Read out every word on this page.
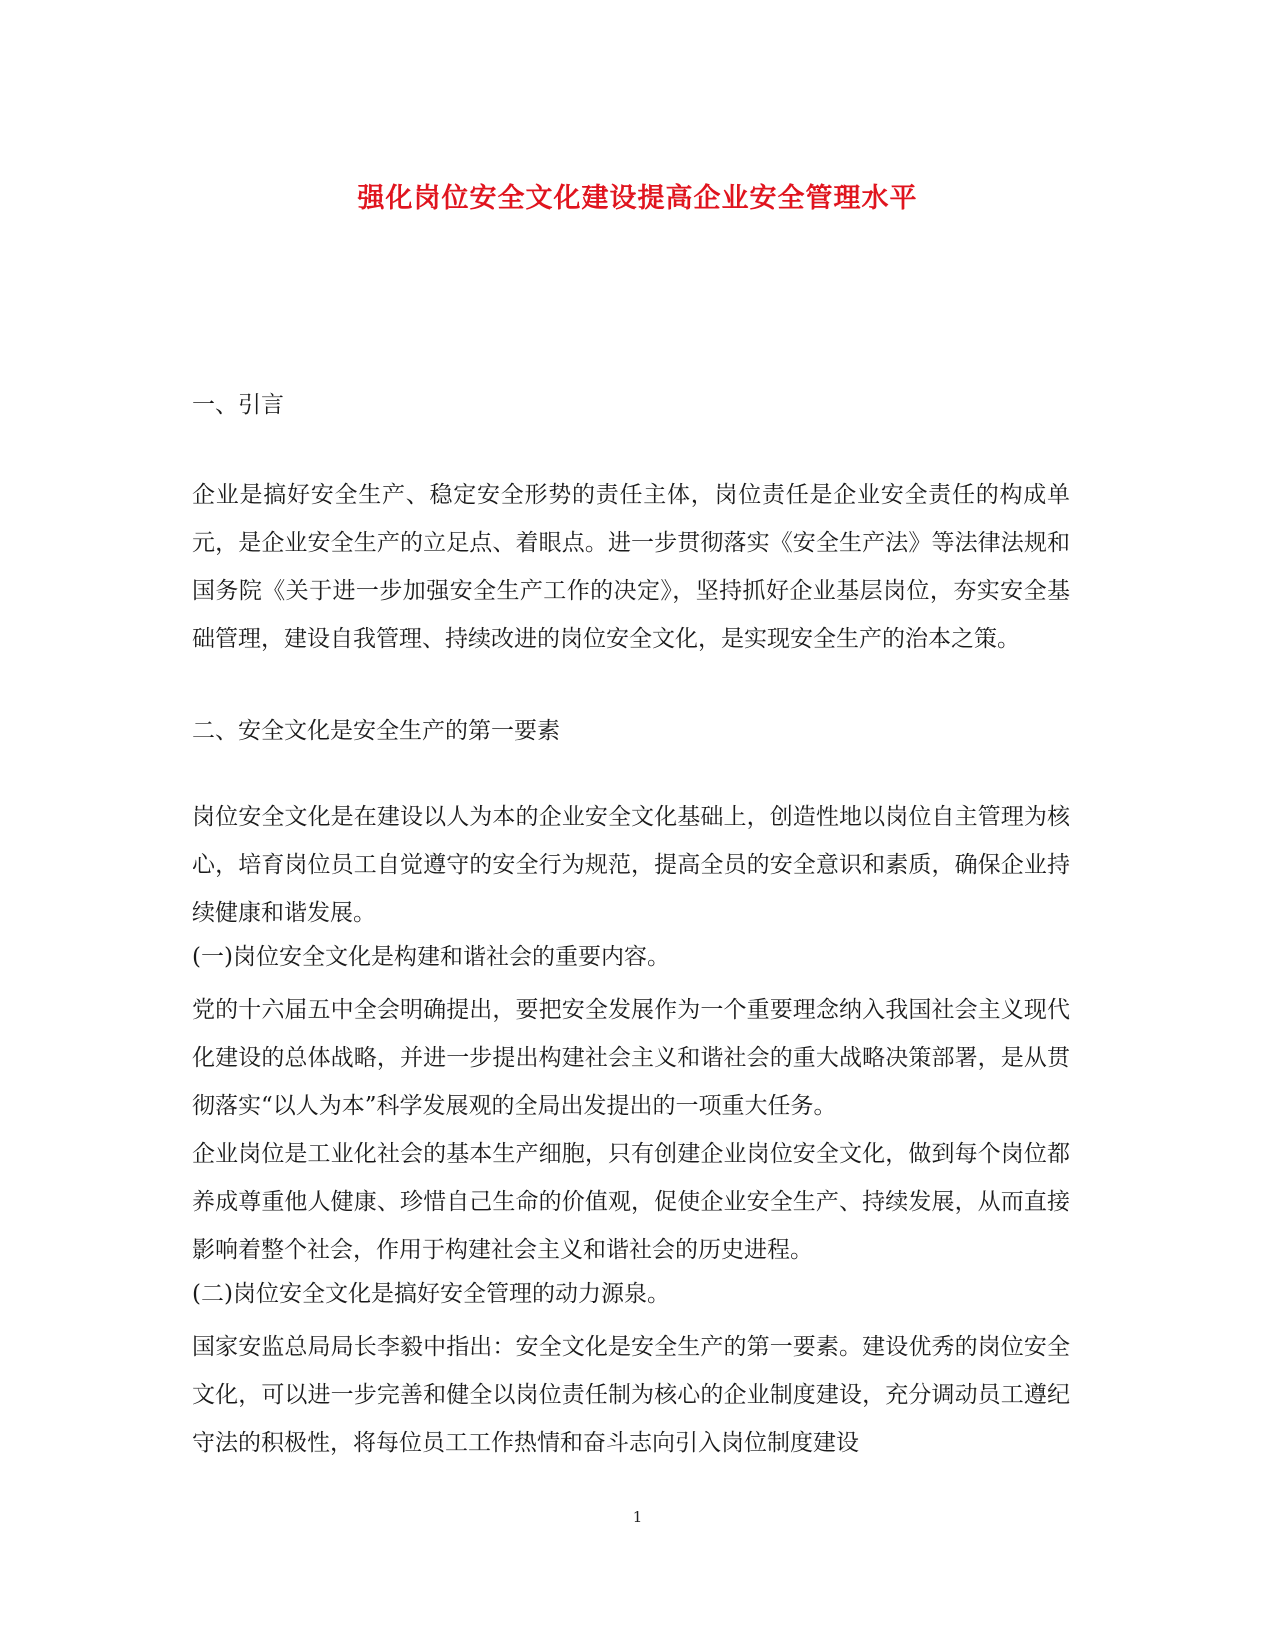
强化岗位安全文化建设提高企业安全管理水平
一、引言

企业是搞好安全生产、稳定安全形势的责任主体，岗位责任是企业安全责任的构成单元，是企业安全生产的立足点、着眼点。进一步贯彻落实《安全生产法》等法律法规和国务院《关于进一步加强安全生产工作的决定》，坚持抓好企业基层岗位，夯实安全基础管理，建设自我管理、持续改进的岗位安全文化，是实现安全生产的治本之策。

二、安全文化是安全生产的第一要素

岗位安全文化是在建设以人为本的企业安全文化基础上，创造性地以岗位自主管理为核心，培育岗位员工自觉遵守的安全行为规范，提高全员的安全意识和素质，确保企业持续健康和谐发展。

(一)岗位安全文化是构建和谐社会的重要内容。

党的十六届五中全会明确提出，要把安全发展作为一个重要理念纳入我国社会主义现代化建设的总体战略，并进一步提出构建社会主义和谐社会的重大战略决策部署，是从贯彻落实“以人为本”科学发展观的全局出发提出的一项重大任务。

企业岗位是工业化社会的基本生产细胞，只有创建企业岗位安全文化，做到每个岗位都养成尊重他人健康、珍惜自己生命的价值观，促使企业安全生产、持续发展，从而直接影响着整个社会，作用于构建社会主义和谐社会的历史进程。

(二)岗位安全文化是搞好安全管理的动力源泉。

国家安监总局局长李毅中指出：安全文化是安全生产的第一要素。建设优秀的岗位安全文化，可以进一步完善和健全以岗位责任制为核心的企业制度建设，充分调动员工遵纪守法的积极性，将每位员工工作热情和奋斗志向引入岗位制度建设

1
